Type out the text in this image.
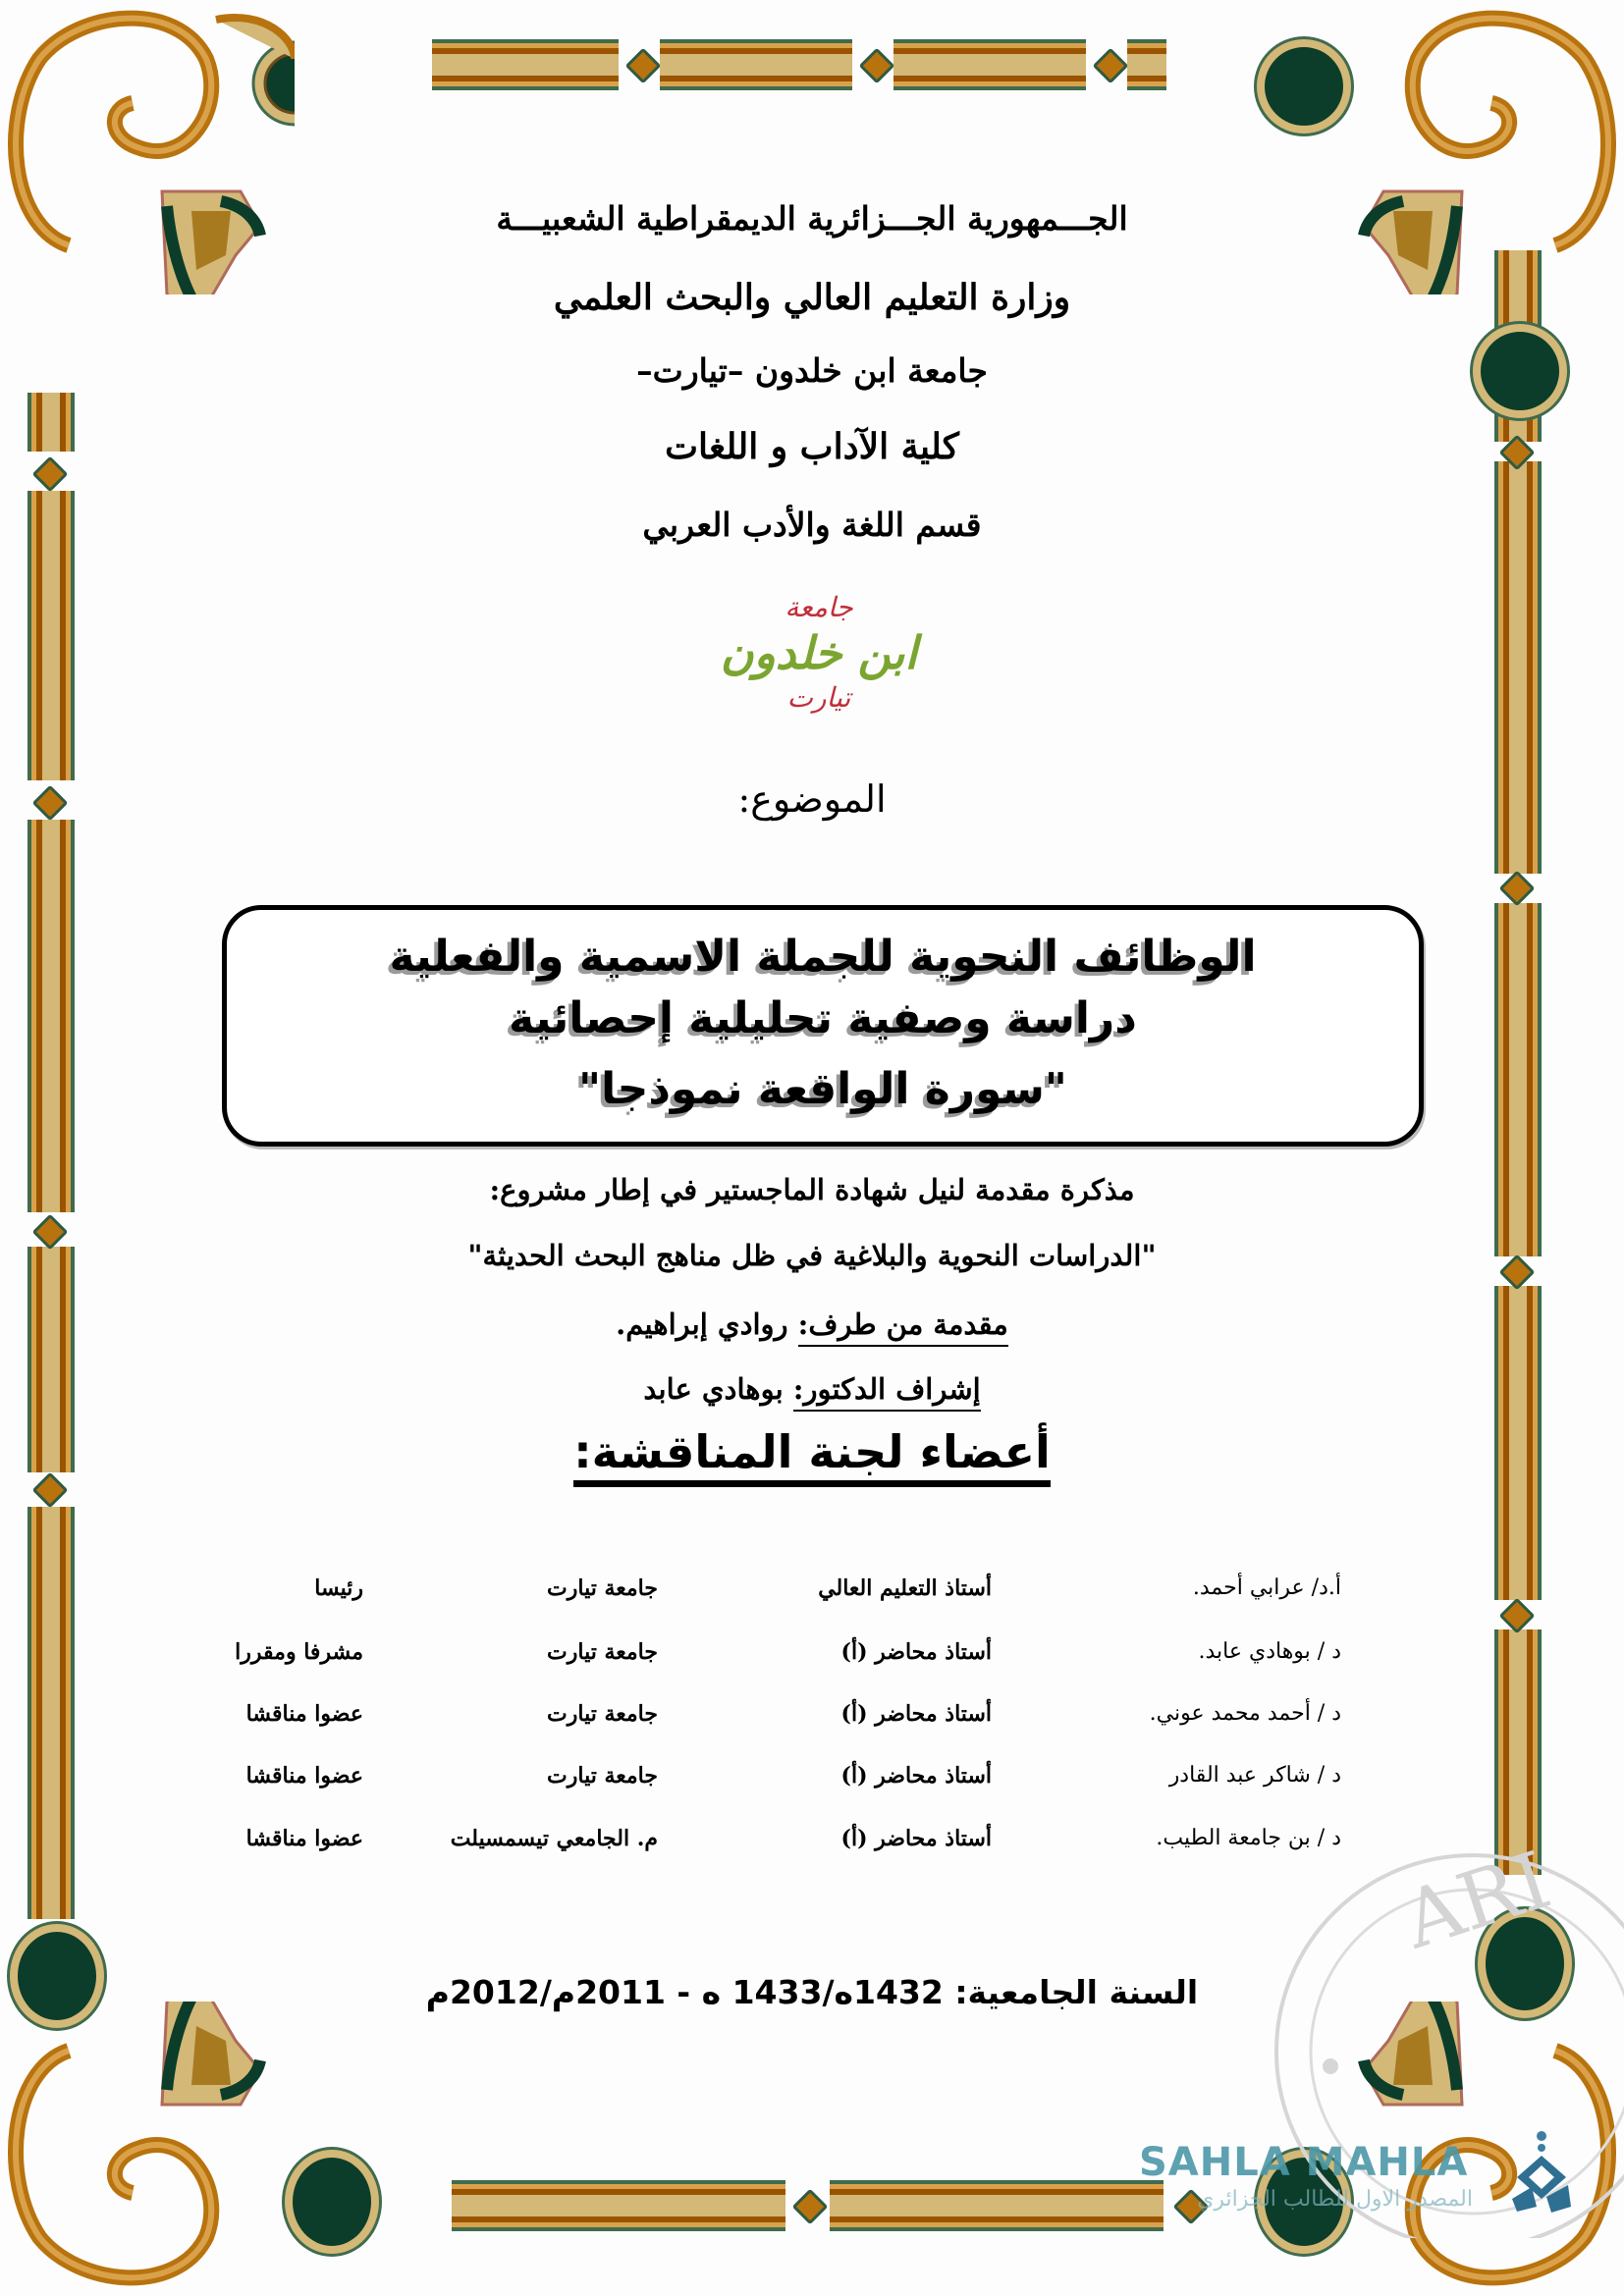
ARI
الجـــمهورية الجـــزائرية الديمقراطية الشعبيـــة
وزارة التعليم العالي والبحث العلمي
جامعة ابن خلدون –تيارت–
كلية الآداب و اللغات
قسم اللغة والأدب العربي
جامعة
ابن خلدون
تيارت
الموضوع:
الوظائف النحوية للجملة الاسمية والفعلية
دراسة وصفية تحليلية إحصائية
"سورة الواقعة نموذجا"
مذكرة مقدمة لنيل شهادة الماجستير في إطار مشروع:
"الدراسات النحوية والبلاغية في ظل مناهج البحث الحديثة"
مقدمة من طرف: روادي إبراهيم.
إشراف الدكتور: بوهادي عابد
أعضاء لجنة المناقشة:
أ.د/ عرابي أحمد.
أستاذ التعليم العالي
جامعة تيارت
رئيسا
د / بوهادي عابد.
أستاذ محاضر (أ)
جامعة تيارت
مشرفا ومقررا
د / أحمد محمد عوني.
أستاذ محاضر (أ)
جامعة تيارت
عضوا مناقشا
د / شاكر عبد القادر
أستاذ محاضر (أ)
جامعة تيارت
عضوا مناقشا
د / بن جامعة الطيب.
أستاذ محاضر (أ)
م. الجامعي تيسمسيلت
عضوا مناقشا
السنة الجامعية: 1432ه/1433 ه - 2011م/2012م
SAHLA MAHLA
المصدر الاول للطالب الجزائري
